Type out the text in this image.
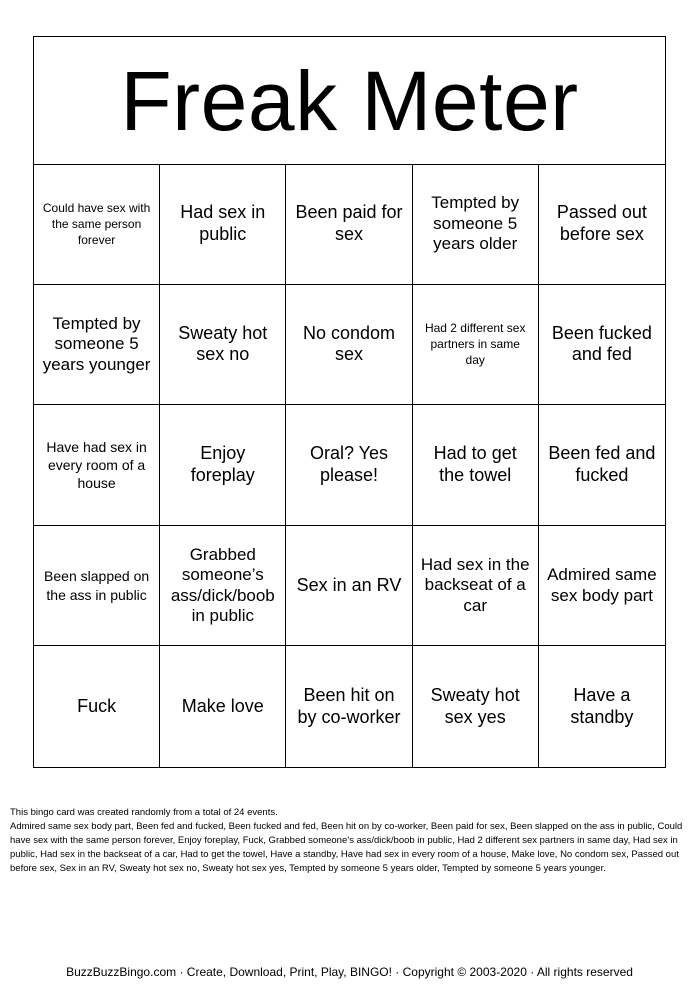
Freak Meter
Could have sex with the same person forever
Had sex in public
Been paid for sex
Tempted by someone 5 years older
Passed out before sex
Tempted by someone 5 years younger
Sweaty hot sex no
No condom sex
Had 2 different sex partners in same day
Been fucked and fed
Have had sex in every room of a house
Enjoy foreplay
Oral? Yes please!
Had to get the towel
Been fed and fucked
Been slapped on the ass in public
Grabbed someone’s ass/dick/boob in public
Sex in an RV
Had sex in the backseat of a car
Admired same sex body part
Fuck	Make love
Been hit on by co-worker
Sweaty hot sex yes
Have a standby
This bingo card was created randomly from a total of 24 events.
Admired same sex body part, Been fed and fucked, Been fucked and fed, Been hit on by co-worker, Been paid for sex, Been slapped on the ass in public, Could have sex with the same person forever, Enjoy foreplay, Fuck, Grabbed someone’s ass/dick/boob in public, Had 2 different sex partners in same day, Had sex in public, Had sex in the backseat of a car, Had to get the towel, Have a standby, Have had sex in every room of a house, Make love, No condom sex, Passed out before sex, Sex in an RV, Sweaty hot sex no, Sweaty hot sex yes, Tempted by someone 5 years older, Tempted by someone 5 years younger.
BuzzBuzzBingo.com · Create, Download, Print, Play, BINGO! · Copyright © 2003-2020 · All rights reserved
